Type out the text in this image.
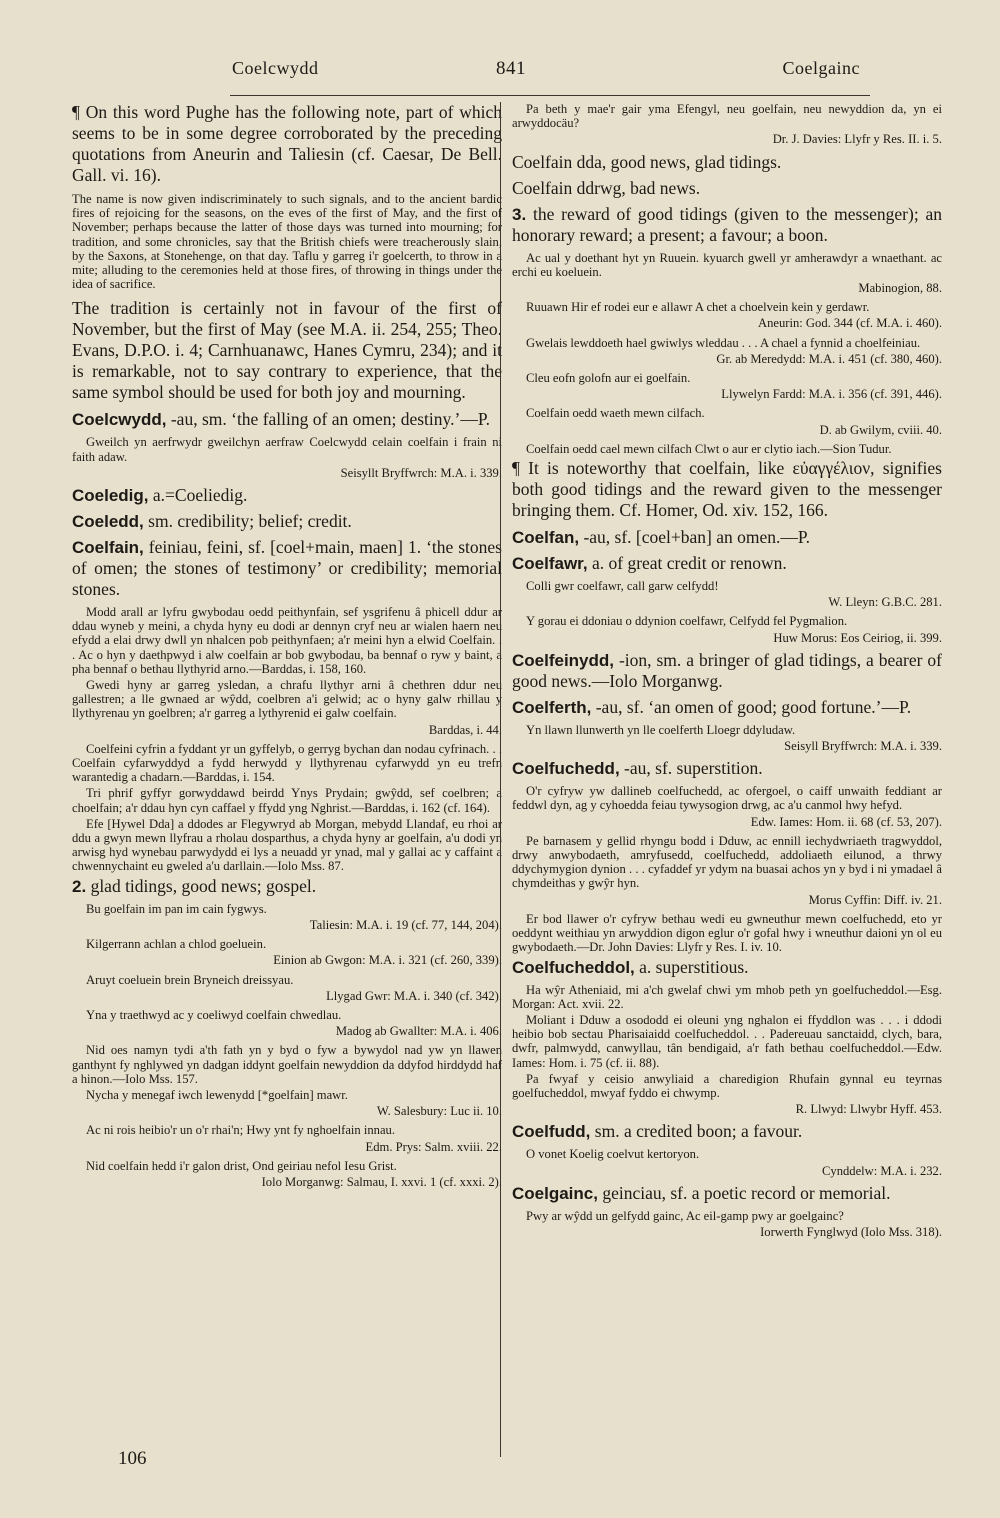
Coelcwydd	841	Coelgainc

¶ On this word Pughe has the following note, part of which seems to be in some degree corroborated by the preceding quotations from Aneurin and Taliesin (cf. Caesar, De Bell. Gall. vi. 16).

The name is now given indiscriminately to such signals, and to the ancient bardic fires of rejoicing for the seasons, on the eves of the first of May, and the first of November; perhaps because the latter of those days was turned into mourning; for tradition, and some chronicles, say that the British chiefs were treacherously slain, by the Saxons, at Stonehenge, on that day. Taflu y garreg i'r goelcerth, to throw in a mite; alluding to the ceremonies held at those fires, of throwing in things under the idea of sacrifice.

The tradition is certainly not in favour of the first of November, but the first of May (see M.A. ii. 254, 255; Theo. Evans, D.P.O. i. 4; Carnhuanawc, Hanes Cymru, 234); and it is remarkable, not to say contrary to experience, that the same symbol should be used for both joy and mourning.

Coelcwydd, -au, sm. ‘the falling of an omen; destiny.’—P.

Gweilch yn aerfrwydr gweilchyn aerfraw Coelcwydd celain coelfain i frain ni faith adaw.

Seisyllt Bryffwrch: M.A. i. 339.

Coeledig, a.=Coeliedig.

Coeledd, sm. credibility; belief; credit.

Coelfain, feiniau, feini, sf. [coel+main, maen] 1. ‘the stones of omen; the stones of testimony’ or credibility; memorial stones.

Modd arall ar lyfru gwybodau oedd peithynfain, sef ysgrifenu â phicell ddur ar ddau wyneb y meini, a chyda hyny eu dodi ar dennyn cryf neu ar wialen haern neu efydd a elai drwy dwll yn nhalcen pob peithynfaen; a'r meini hyn a elwid Coelfain. . . Ac o hyn y daethpwyd i alw coelfain ar bob gwybodau, ba bennaf o ryw y baint, a pha bennaf o bethau llythyrid arno.—Barddas, i. 158, 160.

Gwedi hyny ar garreg ysledan, a chrafu llythyr arni â chethren ddur neu gallestren; a lle gwnaed ar wŷdd, coelbren a'i gelwid; ac o hyny galw rhillau y llythyrenau yn goelbren; a'r garreg a lythyrenid ei galw coelfain.

Barddas, i. 44.

Coelfeini cyfrin a fyddant yr un gyffelyb, o gerryg bychan dan nodau cyfrinach. . . Coelfain cyfarwyddyd a fydd herwydd y llythyrenau cyfarwydd yn eu trefn warantedig a chadarn.—Barddas, i. 154.

Tri phrif gyffyr gorwyddawd beirdd Ynys Prydain; gwŷdd, sef coelbren; a choelfain; a'r ddau hyn cyn caffael y ffydd yng Nghrist.—Barddas, i. 162 (cf. 164).

Efe [Hywel Dda] a ddodes ar Flegywryd ab Morgan, mebydd Llandaf, eu rhoi ar ddu a gwyn mewn llyfrau a rholau dosparthus, a chyda hyny ar goelfain, a'u dodi yn arwisg hyd wynebau parwydydd ei lys a neuadd yr ynad, mal y gallai ac y caffaint a chwennychaint eu gweled a'u darllain.—Iolo Mss. 87.

2. glad tidings, good news; gospel.

Bu goelfain im pan im cain fygwys.

Taliesin: M.A. i. 19 (cf. 77, 144, 204).

Kilgerrann achlan a chlod goeluein.

Einion ab Gwgon: M.A. i. 321 (cf. 260, 339).

Aruyt coeluein brein Bryneich dreissyau.

Llygad Gwr: M.A. i. 340 (cf. 342).

Yna y traethwyd ac y coeliwyd coelfain chwedlau.

Madog ab Gwallter: M.A. i. 406.

Nid oes namyn tydi a'th fath yn y byd o fyw a bywydol nad yw yn llawen ganthynt fy nghlywed yn dadgan iddynt goelfain newyddion da ddyfod hirddydd haf a hinon.—Iolo Mss. 157.

Nycha y menegaf iwch lewenydd [*goelfain] mawr.

W. Salesbury: Luc ii. 10.

Ac ni rois heibio'r un o'r rhai'n; Hwy ynt fy nghoelfain innau.

Edm. Prys: Salm. xviii. 22.

Nid coelfain hedd i'r galon drist, Ond geiriau nefol Iesu Grist.

Iolo Morganwg: Salmau, I. xxvi. 1 (cf. xxxi. 2).

Pa beth y mae'r gair yma Efengyl, neu goelfain, neu newyddion da, yn ei arwyddocäu?

Dr. J. Davies: Llyfr y Res. II. i. 5.

Coelfain dda, good news, glad tidings.

Coelfain ddrwg, bad news.

3. the reward of good tidings (given to the messenger); an honorary reward; a present; a favour; a boon.

Ac ual y doethant hyt yn Ruuein. kyuarch gwell yr amherawdyr a wnaethant. ac erchi eu koeluein.

Mabinogion, 88.

Ruuawn Hir ef rodei eur e allawr A chet a choelvein kein y gerdawr.

Aneurin: God. 344 (cf. M.A. i. 460).

Gwelais lewddoeth hael gwiwlys wleddau . . . A chael a fynnid a choelfeiniau.

Gr. ab Meredydd: M.A. i. 451 (cf. 380, 460).

Cleu eofn golofn aur ei goelfain.

Llywelyn Fardd: M.A. i. 356 (cf. 391, 446).

Coelfain oedd waeth mewn cilfach.

D. ab Gwilym, cviii. 40.

Coelfain oedd cael mewn cilfach Clwt o aur er clytio iach.—Sion Tudur.

¶ It is noteworthy that coelfain, like εὐαγγέλιον, signifies both good tidings and the reward given to the messenger bringing them. Cf. Homer, Od. xiv. 152, 166.

Coelfan, -au, sf. [coel+ban] an omen.—P.

Coelfawr, a. of great credit or renown.

Colli gwr coelfawr, call garw celfydd!

W. Lleyn: G.B.C. 281.

Y gorau ei ddoniau o ddynion coelfawr, Celfydd fel Pygmalion.

Huw Morus: Eos Ceiriog, ii. 399.

Coelfeinydd, -ion, sm. a bringer of glad tidings, a bearer of good news.—Iolo Morganwg.

Coelferth, -au, sf. ‘an omen of good; good fortune.’—P.

Yn llawn llunwerth yn lle coelferth Lloegr ddyludaw.

Seisyll Bryffwrch: M.A. i. 339.

Coelfuchedd, -au, sf. superstition.

O'r cyfryw yw dallineb coelfuchedd, ac ofergoel, o caiff unwaith feddiant ar feddwl dyn, ag y cyhoedda feiau tywysogion drwg, ac a'u canmol hwy hefyd.

Edw. Iames: Hom. ii. 68 (cf. 53, 207).

Pe barnasem y gellid rhyngu bodd i Dduw, ac ennill iechydwriaeth tragwyddol, drwy anwybodaeth, amryfusedd, coelfuchedd, addoliaeth eilunod, a thrwy ddychymygion dynion . . . cyfaddef yr ydym na buasai achos yn y byd i ni ymadael â chymdeithas y gwŷr hyn.

Morus Cyffin: Diff. iv. 21.

Er bod llawer o'r cyfryw bethau wedi eu gwneuthur mewn coelfuchedd, eto yr oeddynt weithiau yn arwyddion digon eglur o'r gofal hwy i wneuthur daioni yn ol eu gwybodaeth.—Dr. John Davies: Llyfr y Res. I. iv. 10.

Coelfucheddol, a. superstitious.

Ha wŷr Atheniaid, mi a'ch gwelaf chwi ym mhob peth yn goelfucheddol.—Esg. Morgan: Act. xvii. 22.

Moliant i Dduw a osododd ei oleuni yng nghalon ei ffyddlon was . . . i ddodi heibio bob sectau Pharisaiaidd coelfucheddol. . . Padereuau sanctaidd, clych, bara, dwfr, palmwydd, canwyllau, tân bendigaid, a'r fath bethau coelfucheddol.—Edw. Iames: Hom. i. 75 (cf. ii. 88).

Pa fwyaf y ceisio anwyliaid a charedigion Rhufain gynnal eu teyrnas goelfucheddol, mwyaf fyddo ei chwymp.

R. Llwyd: Llwybr Hyff. 453.

Coelfudd, sm. a credited boon; a favour.

O vonet Koelig coelvut kertoryon.

Cynddelw: M.A. i. 232.

Coelgainc, geinciau, sf. a poetic record or memorial.

Pwy ar wŷdd un gelfydd gainc, Ac eil-gamp pwy ar goelgainc?

Iorwerth Fynglwyd (Iolo Mss. 318).

106
